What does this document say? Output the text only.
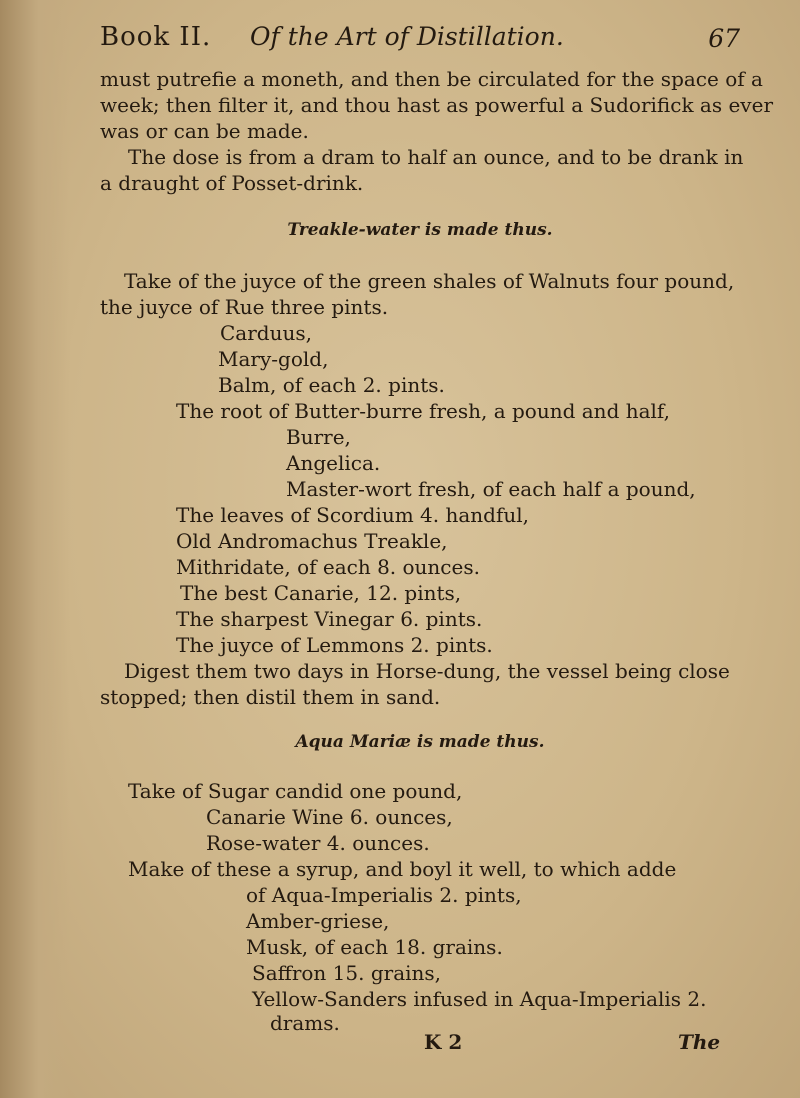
Book II. Of the Art of Distillation.	67
must putrefie a moneth, and then be circulated for the space of a
week; then filter it, and thou hast as powerful a Sudorifick as ever
was or can be made.
The dose is from a dram to half an ounce, and to be drank in
a draught of Posset-drink.
Take of the juyce of the green shales of Walnuts four pound,
the juyce of Rue three pints.
Carduus,
Mary-gold,
Balm, of each 2. pints.
The root of Butter-burre fresh, a pound and half,
Burre,
Angelica.
Master-wort fresh, of each half a pound,
The leaves of Scordium 4. handful,
Old Andromachus Treakle,
Mithridate, of each 8. ounces.
The best Canarie, 12. pints,
The sharpest Vinegar 6. pints.
The juyce of Lemmons 2. pints.
Digest them two days in Horse-dung, the vessel being close
stopped; then distil them in sand.
Take of Sugar candid one pound,
Canarie Wine 6. ounces,
Rose-water 4. ounces.
Make of these a syrup, and boyl it well, to which adde
of Aqua-Imperialis 2. pints,
Amber-griese,
Musk, of each 18. grains.
Saffron 15. grains,
Yellow-Sanders infused in Aqua-Imperialis 2.
drams.
Treakle-water is made thus.
Aqua Mariæ is made thus.
K 2	The
